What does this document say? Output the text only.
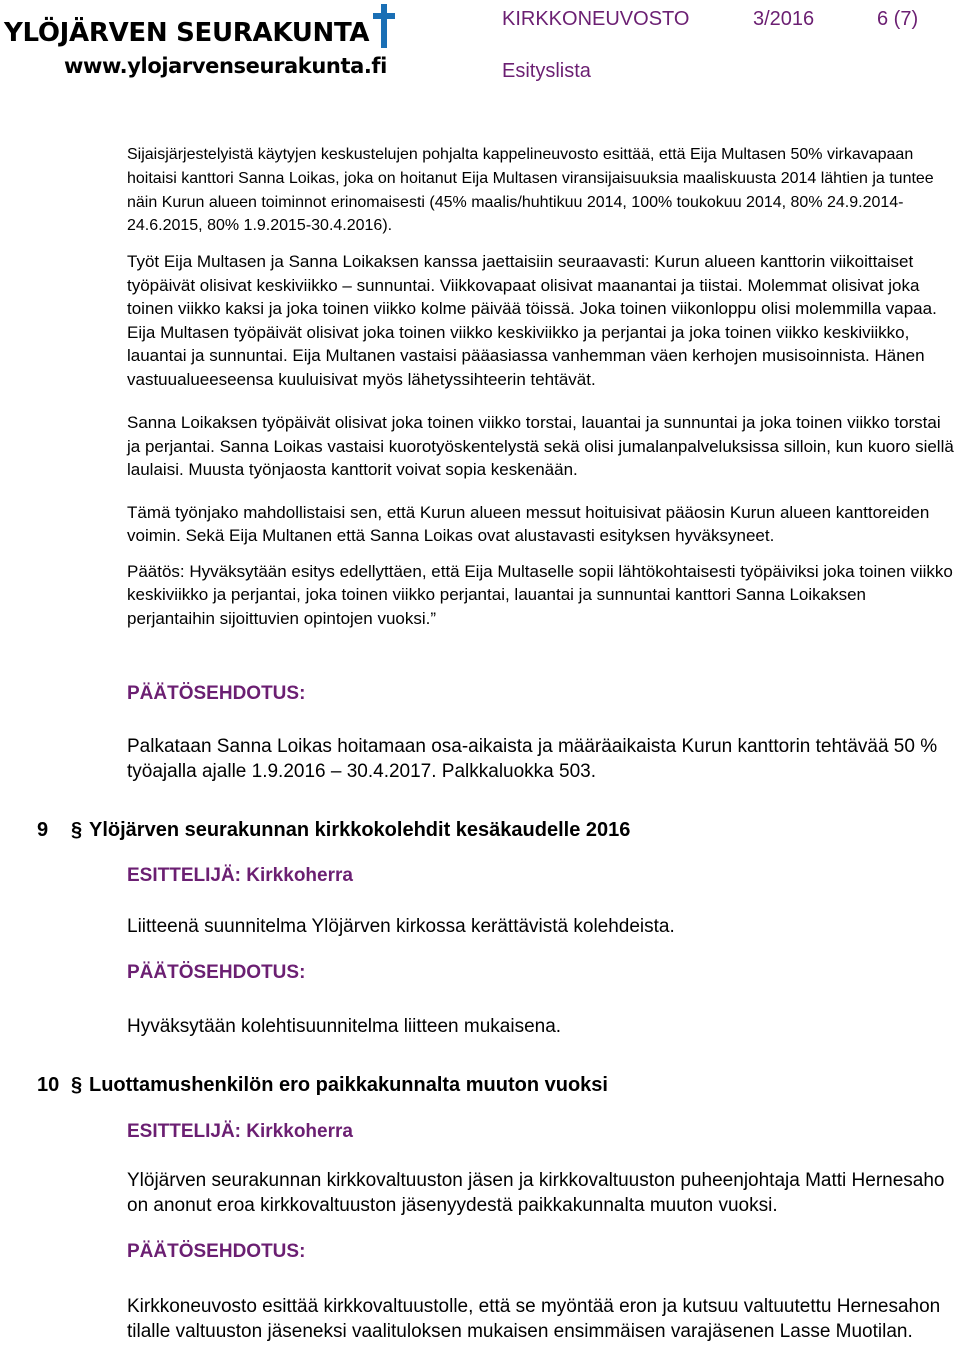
YLÖJÄRVEN SEURAKUNTA
www.ylojarvenseurakunta.fi
KIRKKONEUVOSTO	3/2016	6 (7)
Esityslista

Sijaisjärjestelyistä käytyjen keskustelujen pohjalta kappelineuvosto esittää, että Eija Multasen 50% virkavapaan hoitaisi kanttori Sanna Loikas, joka on hoitanut Eija Multasen viransijaisuuksia maaliskuusta 2014 lähtien ja tuntee näin Kurun alueen toiminnot erinomaisesti (45% maalis/huhtikuu 2014, 100% toukokuu 2014, 80% 24.9.2014-24.6.2015, 80% 1.9.2015-30.4.2016).

Työt Eija Multasen ja Sanna Loikaksen kanssa jaettaisiin seuraavasti: Kurun alueen kanttorin viikoittaiset työpäivät olisivat keskiviikko – sunnuntai. Viikkovapaat olisivat maanantai ja tiistai. Molemmat olisivat joka toinen viikko kaksi ja joka toinen viikko kolme päivää töissä. Joka toinen viikonloppu olisi molemmilla vapaa. Eija Multasen työpäivät olisivat joka toinen viikko keskiviikko ja perjantai ja joka toinen viikko keskiviikko, lauantai ja sunnuntai. Eija Multanen vastaisi pääasiassa vanhemman väen kerhojen musisoinnista. Hänen vastuualueeseensa kuuluisivat myös lähetyssihteerin tehtävät.

Sanna Loikaksen työpäivät olisivat joka toinen viikko torstai, lauantai ja sunnuntai ja joka toinen viikko torstai ja perjantai. Sanna Loikas vastaisi kuorotyöskentelystä sekä olisi jumalanpalveluksissa silloin, kun kuoro siellä laulaisi. Muusta työnjaosta kanttorit voivat sopia keskenään.

Tämä työnjako mahdollistaisi sen, että Kurun alueen messut hoituisivat pääosin Kurun alueen kanttoreiden voimin. Sekä Eija Multanen että Sanna Loikas ovat alustavasti esityksen hyväksyneet.

Päätös: Hyväksytään esitys edellyttäen, että Eija Multaselle sopii lähtökohtaisesti työpäiviksi joka toinen viikko keskiviikko ja perjantai, joka toinen viikko perjantai, lauantai ja sunnuntai kanttori Sanna Loikaksen perjantaihin sijoittuvien opintojen vuoksi.”

PÄÄTÖSEHDOTUS:
Palkataan Sanna Loikas hoitamaan osa-aikaista ja määräaikaista Kurun kanttorin tehtävää 50 % työajalla ajalle 1.9.2016 – 30.4.2017. Palkkaluokka 503.
9 § Ylöjärven seurakunnan kirkkokolehdit kesäkaudelle 2016
ESITTELIJÄ: Kirkkoherra
Liitteenä suunnitelma Ylöjärven kirkossa kerättävistä kolehdeista.
PÄÄTÖSEHDOTUS:
Hyväksytään kolehtisuunnitelma liitteen mukaisena.
10 § Luottamushenkilön ero paikkakunnalta muuton vuoksi
ESITTELIJÄ: Kirkkoherra
Ylöjärven seurakunnan kirkkovaltuuston jäsen ja kirkkovaltuuston puheenjohtaja Matti Hernesaho on anonut eroa kirkkovaltuuston jäsenyydestä paikkakunnalta muuton vuoksi.
PÄÄTÖSEHDOTUS:
Kirkkoneuvosto esittää kirkkovaltuustolle, että se myöntää eron ja kutsuu valtuutettu Hernesahon tilalle valtuuston jäseneksi vaalituloksen mukaisen ensimmäisen varajäsenen Lasse Muotilan.
